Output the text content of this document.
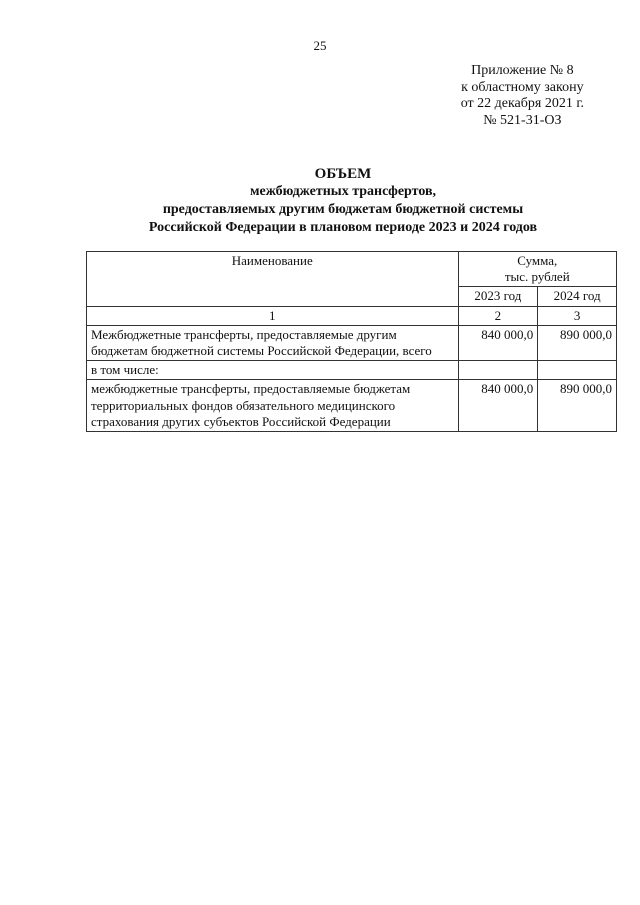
25
Приложение № 8
к областному закону
от 22 декабря 2021 г.
№ 521-31-ОЗ
ОБЪЕМ
межбюджетных трансфертов,
предоставляемых другим бюджетам бюджетной системы
Российской Федерации в плановом периоде 2023 и 2024 годов
Наименование	Сумма,
тыс. рублей	

	2023 год	2024 год
1	2	3
Межбюджетные трансферты, предоставляемые другим бюджетам бюджетной системы Российской Федерации, всего	840 000,0	890 000,0
в том числе:		
межбюджетные трансферты, предоставляемые бюджетам территориальных фондов обязательного медицинского страхования других субъектов Российской Федерации	840 000,0	890 000,0
